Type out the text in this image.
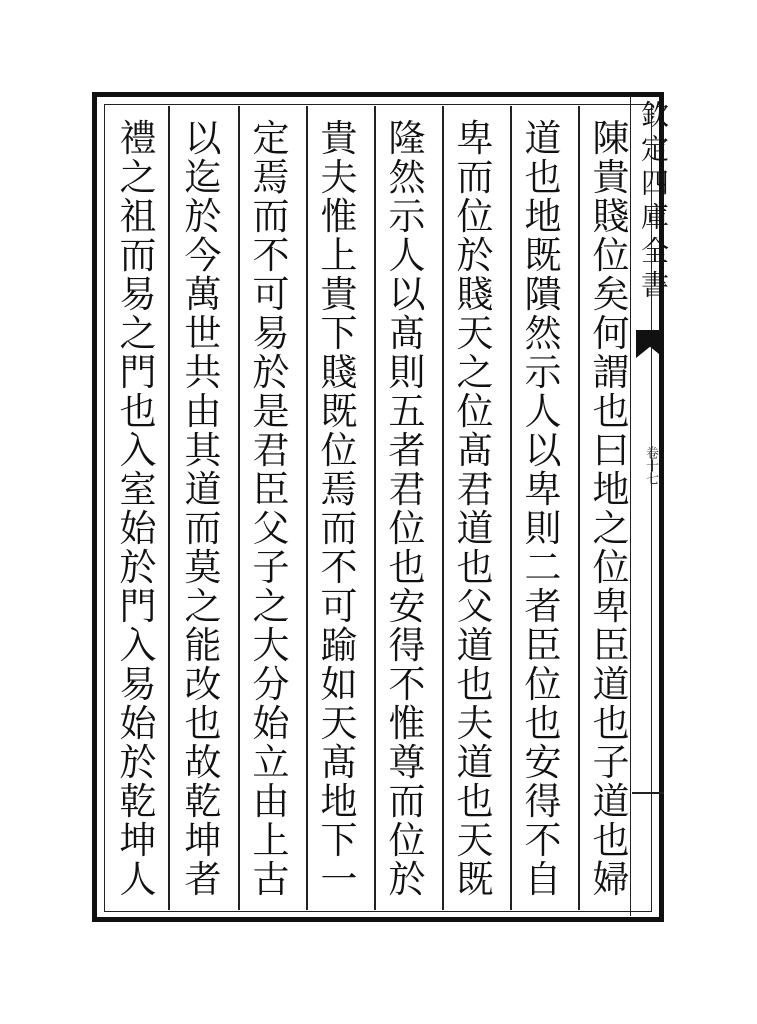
欽定四庫全書
卷十七
陳
貴
賤
位
矣
何
謂
也
曰
地
之
位
卑
臣
道
也
子
道
也
婦
道
也
地
既
隤
然
示
人
以
卑
則
二
者
臣
位
也
安
得
不
自
卑
而
位
於
賤
天
之
位
髙
君
道
也
父
道
也
夫
道
也
天
既
隆
然
示
人
以
髙
則
五
者
君
位
也
安
得
不
惟
尊
而
位
於
貴
夫
惟
上
貴
下
賤
既
位
焉
而
不
可
踰
如
天
髙
地
下
一
定
焉
而
不
可
易
於
是
君
臣
父
子
之
大
分
始
立
由
上
古
以
迄
於
今
萬
世
共
由
其
道
而
莫
之
能
改
也
故
乾
坤
者
禮
之
祖
而
易
之
門
也
入
室
始
於
門
入
易
始
於
乾
坤
人
